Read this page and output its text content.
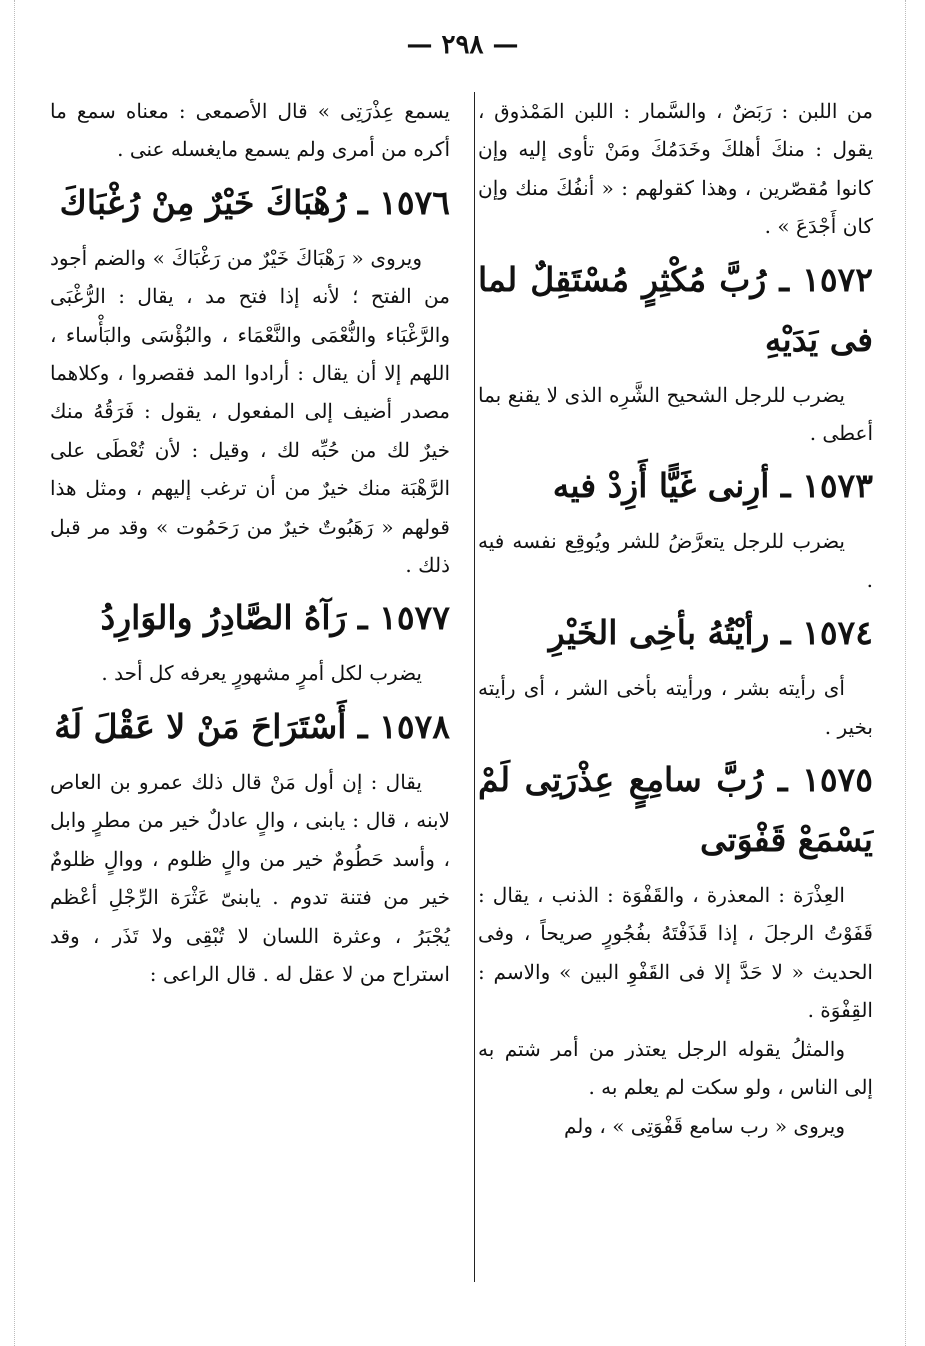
— ٢٩٨ —

من اللبن : رَبَضٌ ، والسَّمار : اللبن المَمْذوق ، يقول : منكَ أهلكَ وخَدَمُكَ ومَنْ تأوى إليه وإن كانوا مُقصّرين ، وهذا كقولهم : « أنفُكَ منك وإن كان أَجْدَعَ » .

١٥٧٢ ـ رُبَّ مُكْثِرٍ مُسْتَقِلٌ لما فى يَدَيْهِ

يضرب للرجل الشحيح الشَّرِه الذى لا يقنع بما أعطى .

١٥٧٣ ـ أرِنى غَيًّا أَزِدْ فيه

يضرب للرجل يتعرَّضُ للشر ويُوقِع نفسه فيه .

١٥٧٤ ـ رأيْتُهُ بأخِى الخَيْرِ

أى رأيته بشر ، ورأيته بأخى الشر ، أى رأيته بخير .

١٥٧٥ ـ رُبَّ سامِعٍ عِذْرَتِى لَمْ يَسْمَعْ قَفْوَتى

العِذْرَة : المعذرة ، والقَفْوَة : الذنب ، يقال : قَفَوْتُ الرجلَ ، إذا قَذَفْتَهُ بفُجُورٍ صريحاً ، وفى الحديث « لا حَدَّ إلا فى القَفْوِ البين » والاسم : القِفْوَة .

والمثلُ يقوله الرجل يعتذر من أمر شتم به إلى الناس ، ولو سكت لم يعلم به .

ويروى « رب سامع قَفْوَتِى » ، ولم

يسمع عِذْرَتِى » قال الأصمعى : معناه سمع ما أكره من أمرى ولم يسمع مايغسله عنى .

١٥٧٦ ـ رُهْبَاكَ خَيْرٌ مِنْ رُغْبَاكَ

ويروى « رَهْبَاكَ خَيْرٌ من رَغْبَاكَ » والضم أجود من الفتح ؛ لأنه إذا فتح مد ، يقال : الرُّغْبَى والرَّغْبَاء والنُّعْمَى والنَّعْمَاء ، والبُؤْسَى والبَأْساء ، اللهم إلا أن يقال : أرادوا المد فقصروا ، وكلاهما مصدر أضيف إلى المفعول ، يقول : فَرَقُهُ منك خيرٌ لك من حُبِّه لك ، وقيل : لأن تُعْطَى على الرَّهْبَة منك خيرٌ من أن ترغب إليهم ، ومثل هذا قولهم « رَهَبُوتٌ خيرٌ من رَحَمُوت » وقد مر قبل ذلك .

١٥٧٧ ـ رَآهُ الصَّادِرُ والوَارِدُ

يضرب لكل أمرٍ مشهورٍ يعرفه كل أحد .

١٥٧٨ ـ أَسْتَرَاحَ مَنْ لا عَقْلَ لَهُ

يقال : إن أول مَنْ قال ذلك عمرو بن العاص لابنه ، قال : يابنى ، والٍ عادلٌ خير من مطرٍ وابل ، وأسد حَطُومٌ خير من والٍ ظلوم ، ووالٍ ظلومٌ خير من فتنة تدوم . يابنىّ عَثْرَة الرِّجْلِ أعْظم يُجْبَرُ ، وعثرة اللسان لا تُبْقِى ولا تَذَر ، وقد استراح من لا عقل له . قال الراعى :
